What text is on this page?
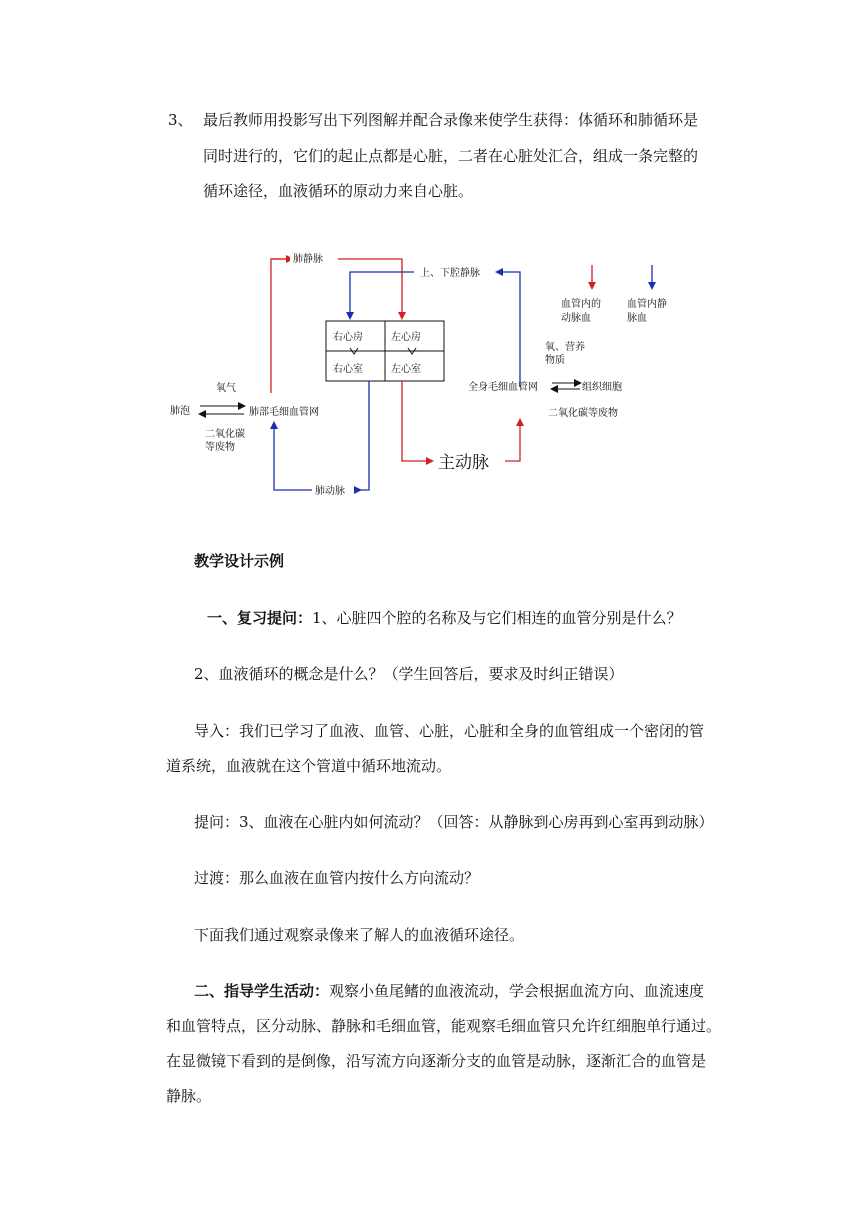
3、 最后教师用投影写出下列图解并配合录像来使学生获得：体循环和肺循环是
同时进行的，它们的起止点都是心脏，二者在心脏处汇合，组成一条完整的
循环途径，血液循环的原动力来自心脏。
右心房	左心房
右心室	左心室
肺静脉
上、下腔静脉
血管内的
动脉血
血管内静
脉血
氧气
肺泡	肺部毛细血管网
二氧化碳
等废物
肺动脉
主动脉
氧、营养
物质
全身毛细血管网	组织细胞
二氧化碳等废物
教学设计示例
一、复习提问：1、心脏四个腔的名称及与它们相连的血管分别是什么？
2、血液循环的概念是什么？（学生回答后，要求及时纠正错误）
导入：我们已学习了血液、血管、心脏，心脏和全身的血管组成一个密闭的管
道系统，血液就在这个管道中循环地流动。
提问：3、血液在心脏内如何流动？（回答：从静脉到心房再到心室再到动脉）
过渡：那么血液在血管内按什么方向流动？
下面我们通过观察录像来了解人的血液循环途径。
二、指导学生活动：观察小鱼尾鳍的血液流动，学会根据血流方向、血流速度
和血管特点，区分动脉、静脉和毛细血管，能观察毛细血管只允许红细胞单行通过。
在显微镜下看到的是倒像，沿写流方向逐渐分支的血管是动脉，逐渐汇合的血管是
静脉。
